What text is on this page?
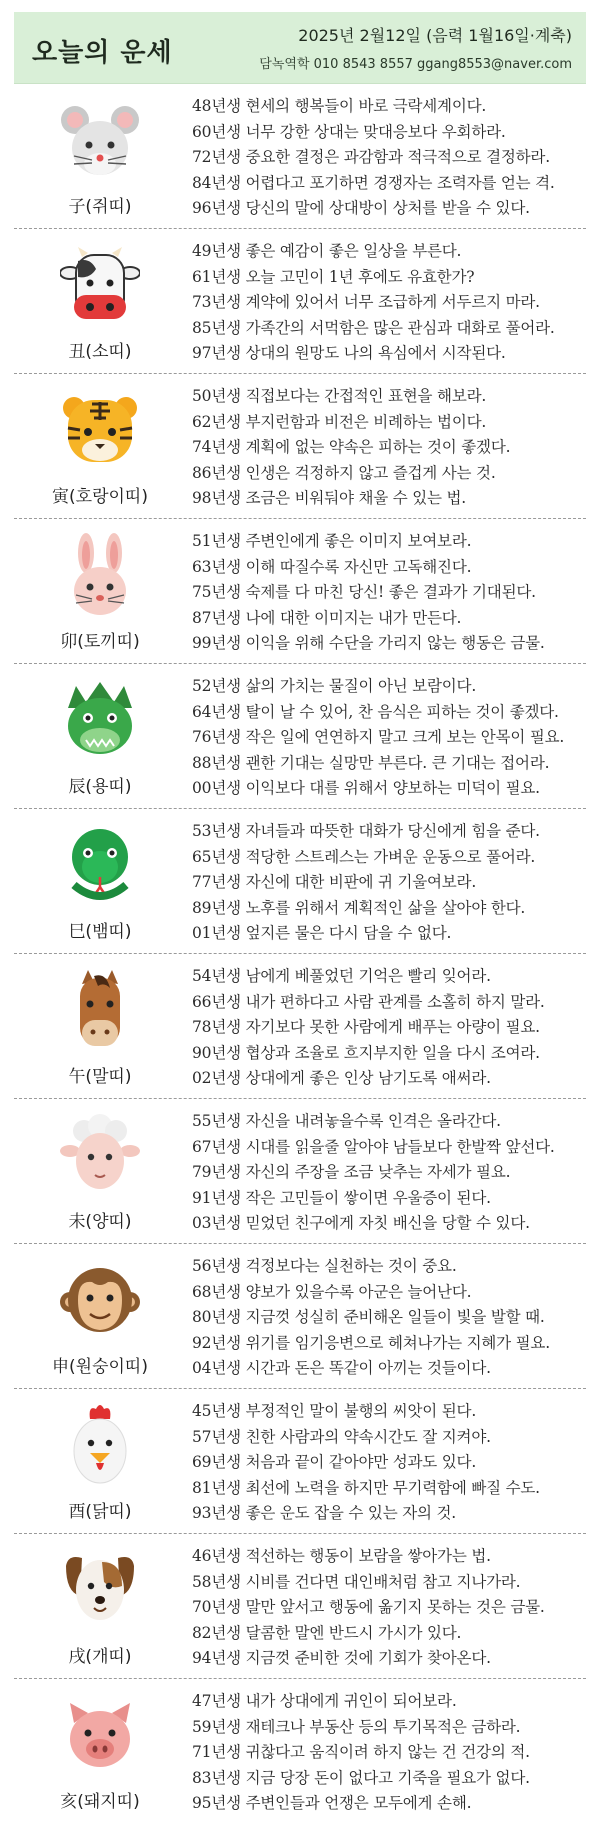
오늘의 운세
2025년 2월12일 (음력 1월16일·계축)
담녹역학 010 8543 8557 ggang8553@naver.com
子(쥐띠)
48년생 현세의 행복들이 바로 극락세계이다.
60년생 너무 강한 상대는 맞대응보다 우회하라.
72년생 중요한 결정은 과감함과 적극적으로 결정하라.
84년생 어렵다고 포기하면 경쟁자는 조력자를 얻는 격.
96년생 당신의 말에 상대방이 상처를 받을 수 있다.
丑(소띠)
49년생 좋은 예감이 좋은 일상을 부른다.
61년생 오늘 고민이 1년 후에도 유효한가?
73년생 계약에 있어서 너무 조급하게 서두르지 마라.
85년생 가족간의 서먹함은 많은 관심과 대화로 풀어라.
97년생 상대의 원망도 나의 욕심에서 시작된다.
寅(호랑이띠)
50년생 직접보다는 간접적인 표현을 해보라.
62년생 부지런함과 비전은 비례하는 법이다.
74년생 계획에 없는 약속은 피하는 것이 좋겠다.
86년생 인생은 걱정하지 않고 즐겁게 사는 것.
98년생 조금은 비워둬야 채울 수 있는 법.
卯(토끼띠)
51년생 주변인에게 좋은 이미지 보여보라.
63년생 이해 따질수록 자신만 고독해진다.
75년생 숙제를 다 마친 당신! 좋은 결과가 기대된다.
87년생 나에 대한 이미지는 내가 만든다.
99년생 이익을 위해 수단을 가리지 않는 행동은 금물.
辰(용띠)
52년생 삶의 가치는 물질이 아닌 보람이다.
64년생 탈이 날 수 있어, 찬 음식은 피하는 것이 좋겠다.
76년생 작은 일에 연연하지 말고 크게 보는 안목이 필요.
88년생 괜한 기대는 실망만 부른다. 큰 기대는 접어라.
00년생 이익보다 대를 위해서 양보하는 미덕이 필요.
巳(뱀띠)
53년생 자녀들과 따뜻한 대화가 당신에게 힘을 준다.
65년생 적당한 스트레스는 가벼운 운동으로 풀어라.
77년생 자신에 대한 비판에 귀 기울여보라.
89년생 노후를 위해서 계획적인 삶을 살아야 한다.
01년생 엎지른 물은 다시 담을 수 없다.
午(말띠)
54년생 남에게 베풀었던 기억은 빨리 잊어라.
66년생 내가 편하다고 사람 관계를 소홀히 하지 말라.
78년생 자기보다 못한 사람에게 배푸는 아량이 필요.
90년생 협상과 조율로 흐지부지한 일을 다시 조여라.
02년생 상대에게 좋은 인상 남기도록 애써라.
未(양띠)
55년생 자신을 내려놓을수록 인격은 올라간다.
67년생 시대를 읽을줄 알아야 남들보다 한발짝 앞선다.
79년생 자신의 주장을 조금 낮추는 자세가 필요.
91년생 작은 고민들이 쌓이면 우울증이 된다.
03년생 믿었던 친구에게 자칫 배신을 당할 수 있다.
申(원숭이띠)
56년생 걱정보다는 실천하는 것이 중요.
68년생 양보가 있을수록 아군은 늘어난다.
80년생 지금껏 성실히 준비해온 일들이 빛을 발할 때.
92년생 위기를 임기응변으로 헤쳐나가는 지혜가 필요.
04년생 시간과 돈은 똑같이 아끼는 것들이다.
酉(닭띠)
45년생 부정적인 말이 불행의 씨앗이 된다.
57년생 친한 사람과의 약속시간도 잘 지켜야.
69년생 처음과 끝이 같아야만 성과도 있다.
81년생 최선에 노력을 하지만 무기력함에 빠질 수도.
93년생 좋은 운도 잡을 수 있는 자의 것.
戌(개띠)
46년생 적선하는 행동이 보람을 쌓아가는 법.
58년생 시비를 건다면 대인배처럼 참고 지나가라.
70년생 말만 앞서고 행동에 옮기지 못하는 것은 금물.
82년생 달콤한 말엔 반드시 가시가 있다.
94년생 지금껏 준비한 것에 기회가 찾아온다.
亥(돼지띠)
47년생 내가 상대에게 귀인이 되어보라.
59년생 재테크나 부동산 등의 투기목적은 금하라.
71년생 귀찮다고 움직이려 하지 않는 건 건강의 적.
83년생 지금 당장 돈이 없다고 기죽을 필요가 없다.
95년생 주변인들과 언쟁은 모두에게 손해.
